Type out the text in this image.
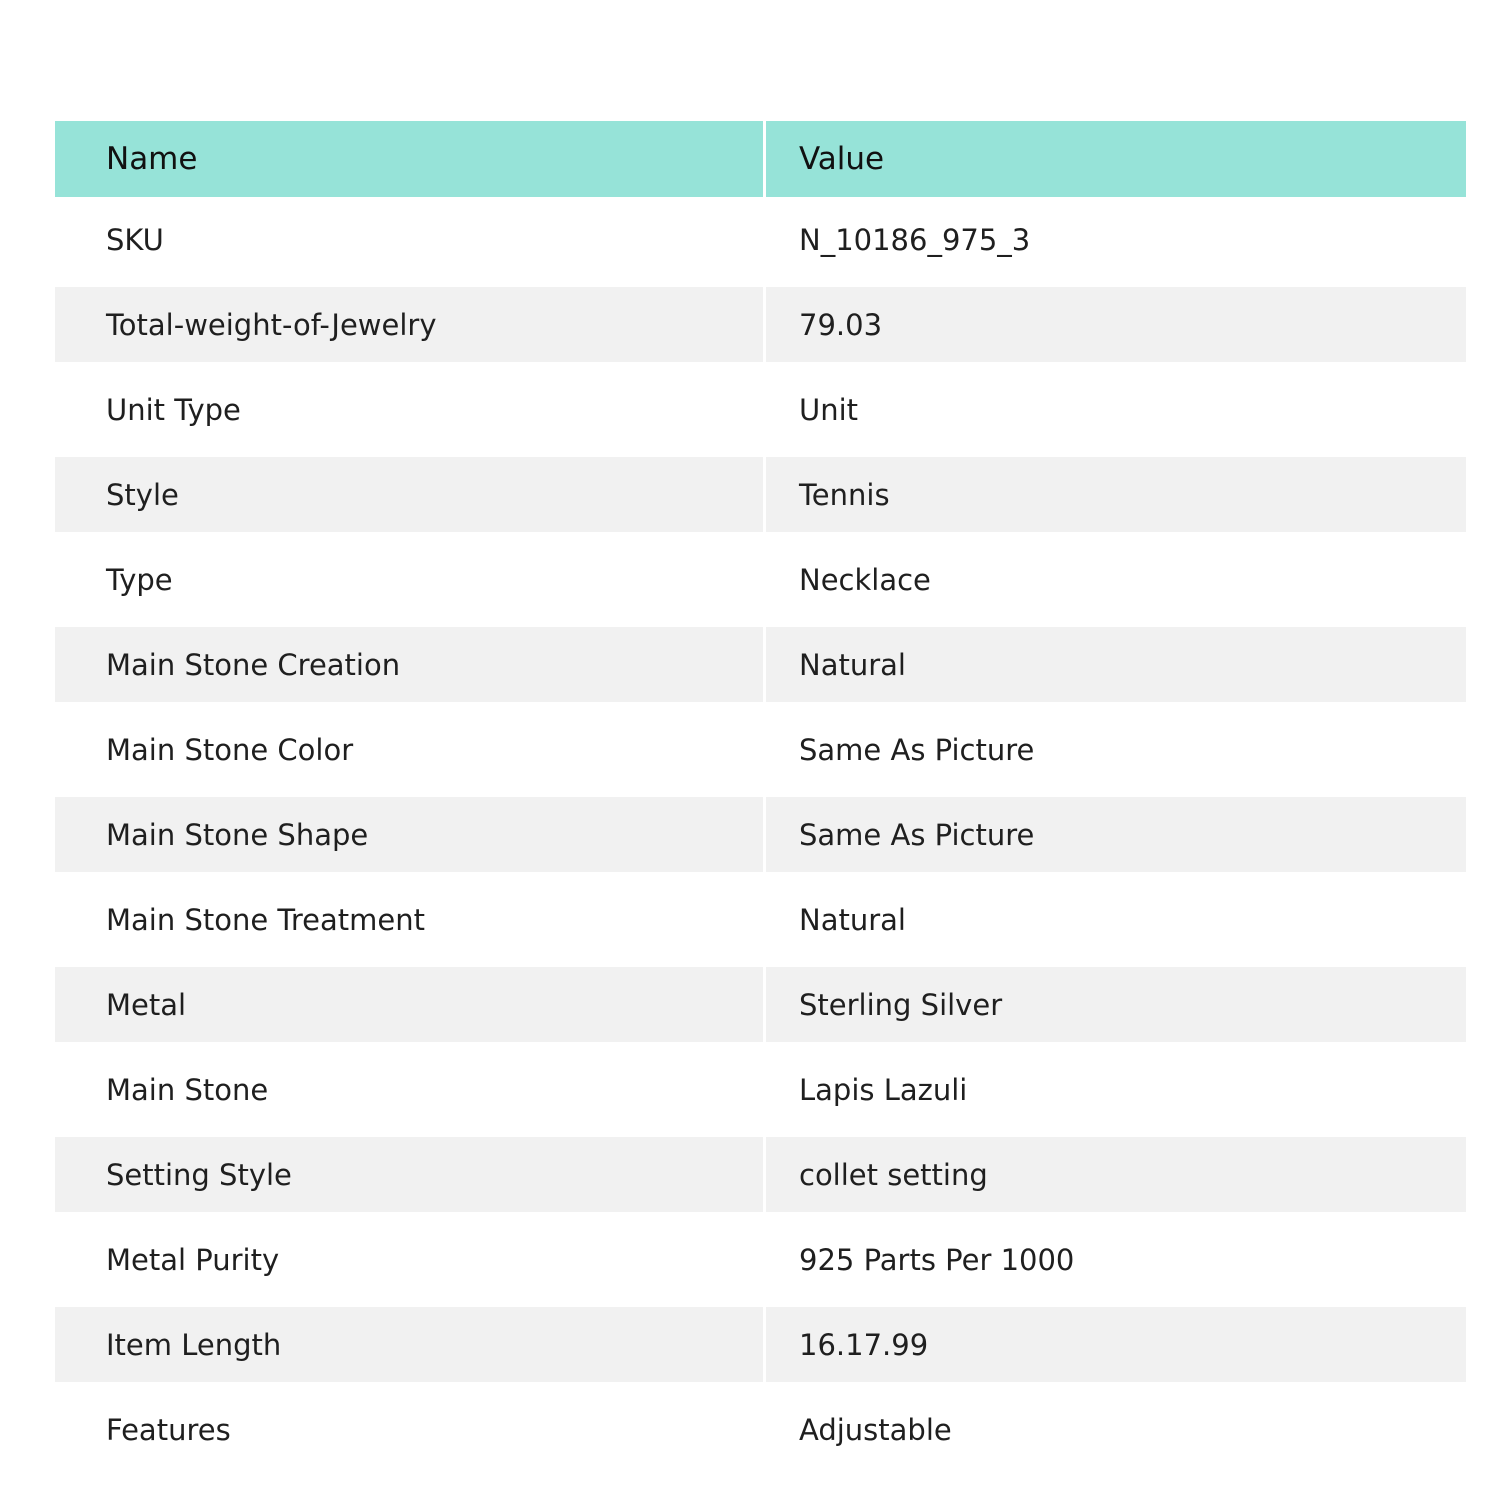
Name	Value
SKU	N_10186_975_3
Total-weight-of-Jewelry	79.03
Unit Type	Unit
Style	Tennis
Type	Necklace
Main Stone Creation	Natural
Main Stone Color	Same As Picture
Main Stone Shape	Same As Picture
Main Stone Treatment	Natural
Metal	Sterling Silver
Main Stone	Lapis Lazuli
Setting Style	collet setting
Metal Purity	925 Parts Per 1000
Item Length	16.17.99
Features	Adjustable
